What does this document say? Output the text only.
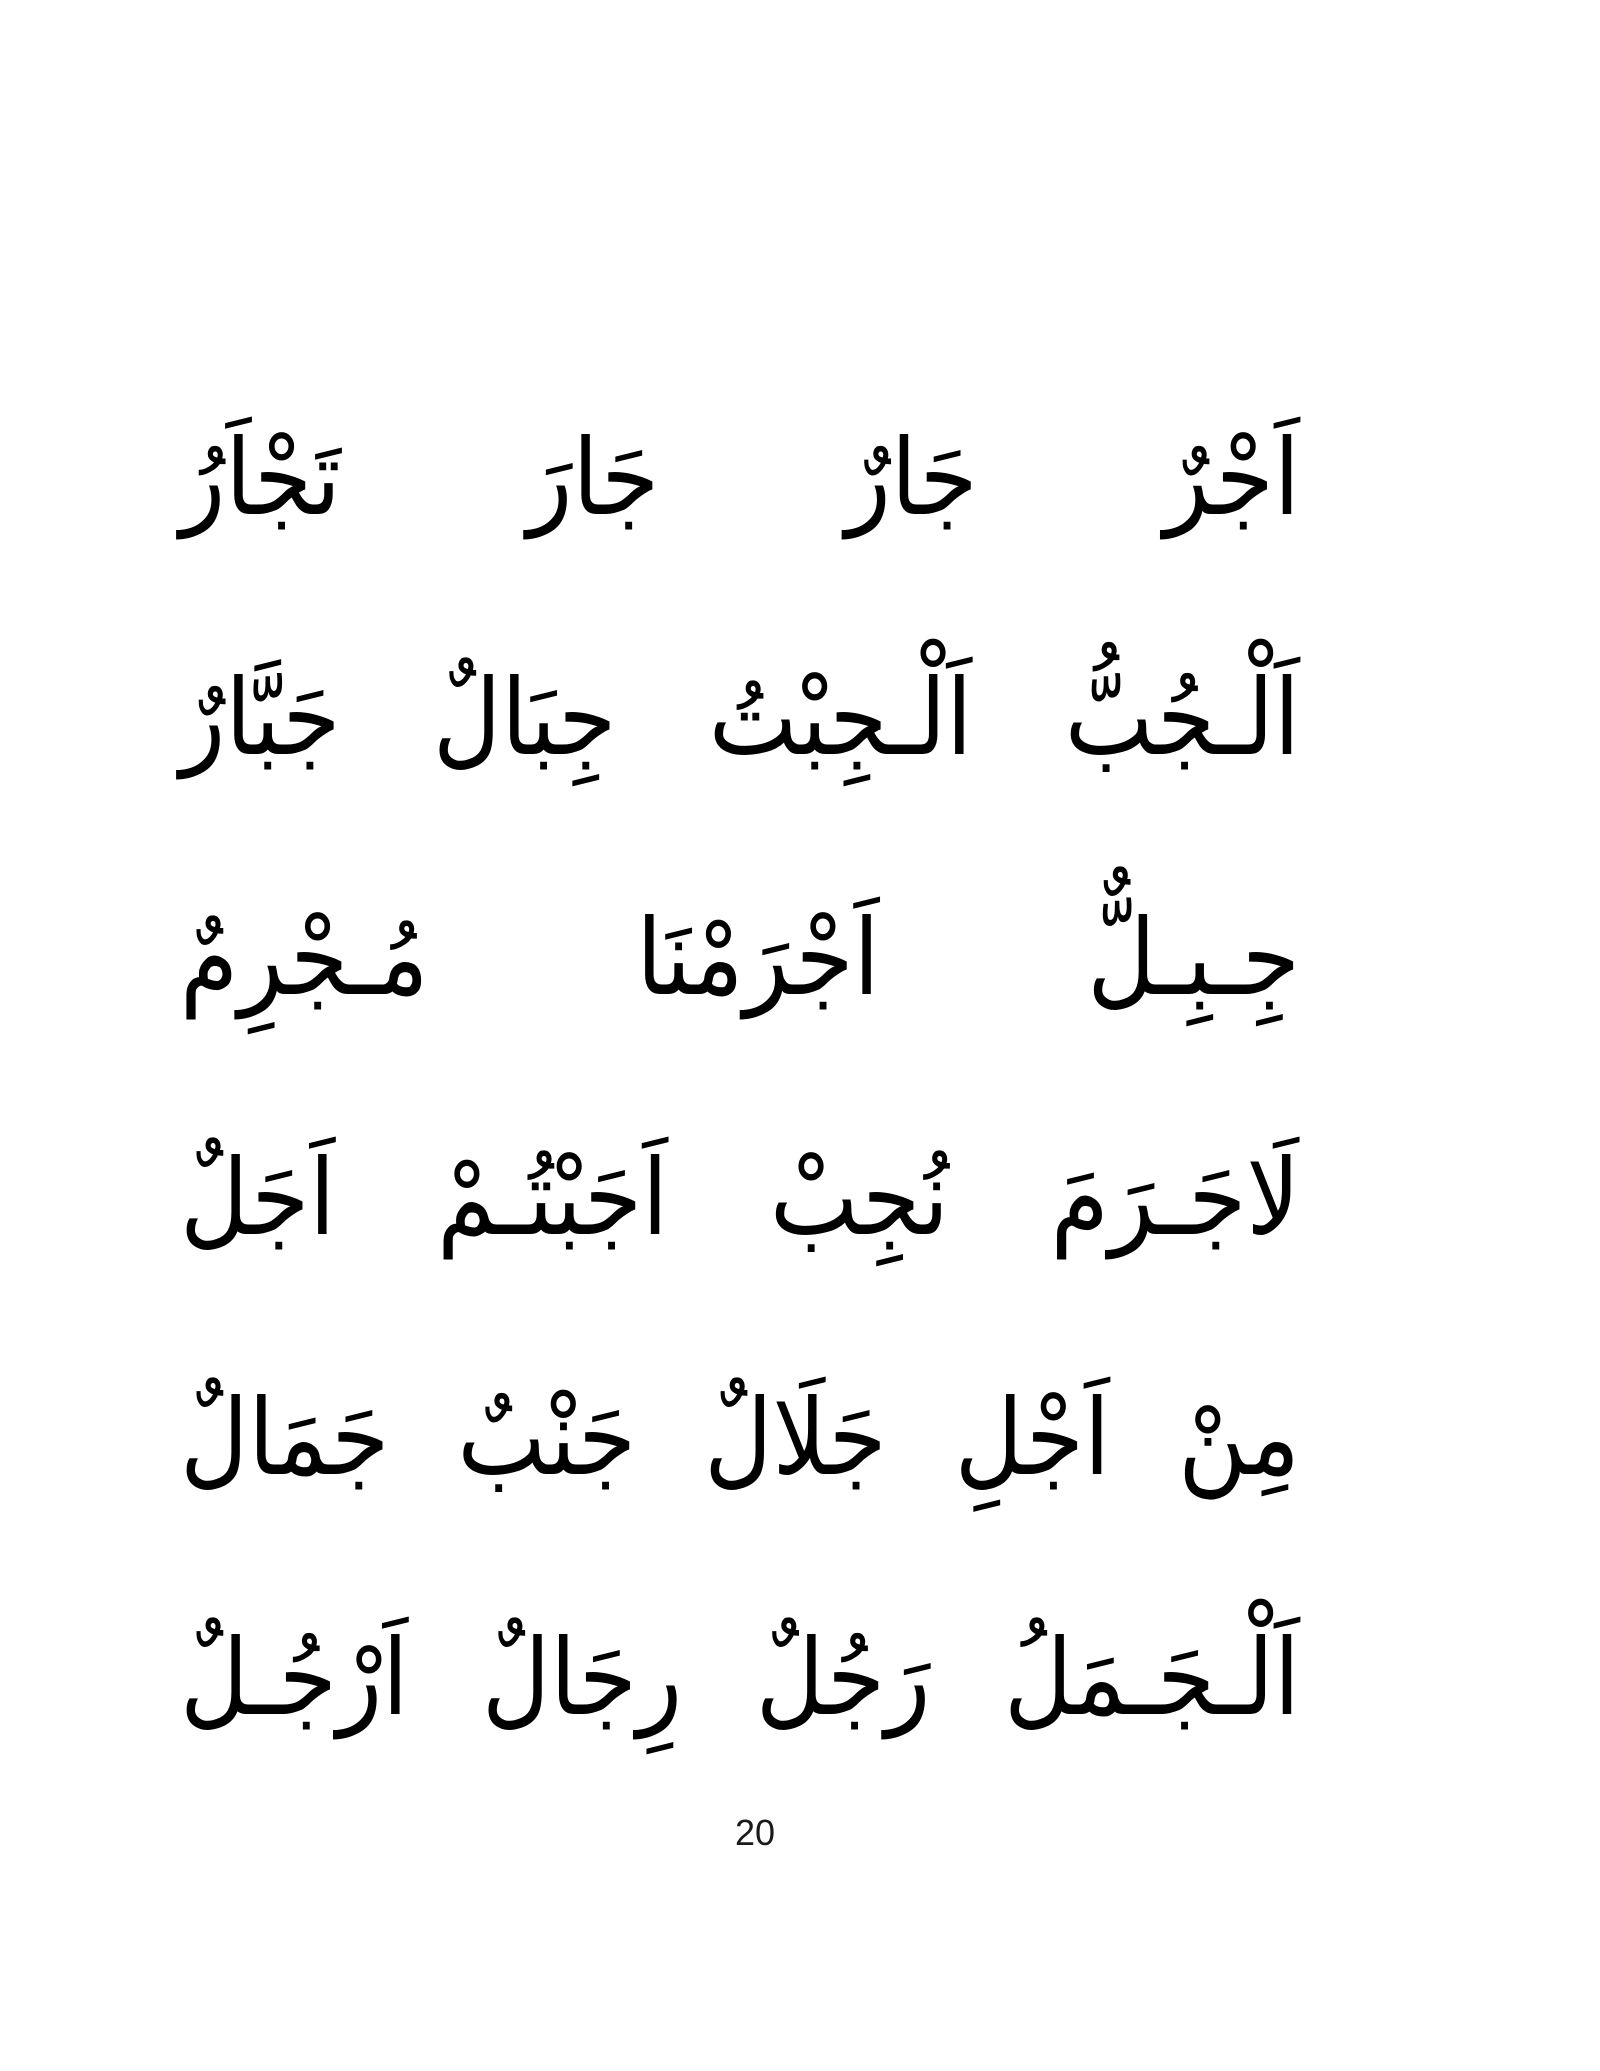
اَجْرٌ
جَارٌ
جَارَ
تَجْاَرُ
اَلْـجُبُّ
اَلْـجِبْتُ
جِبَالٌ
جَبَّارٌ
جِـبِـلٌّ
اَجْرَمْنَا
مُـجْرِمٌ
لَاجَـرَمَ
نُجِبْ
اَجَبْتُـمْ
اَجَلٌ
مِنْ
اَجْلِ
جَلَالٌ
جَنْبٌ
جَمَالٌ
اَلْـجَـمَلُ
رَجُلٌ
رِجَالٌ
اَرْجُـلٌ
20
